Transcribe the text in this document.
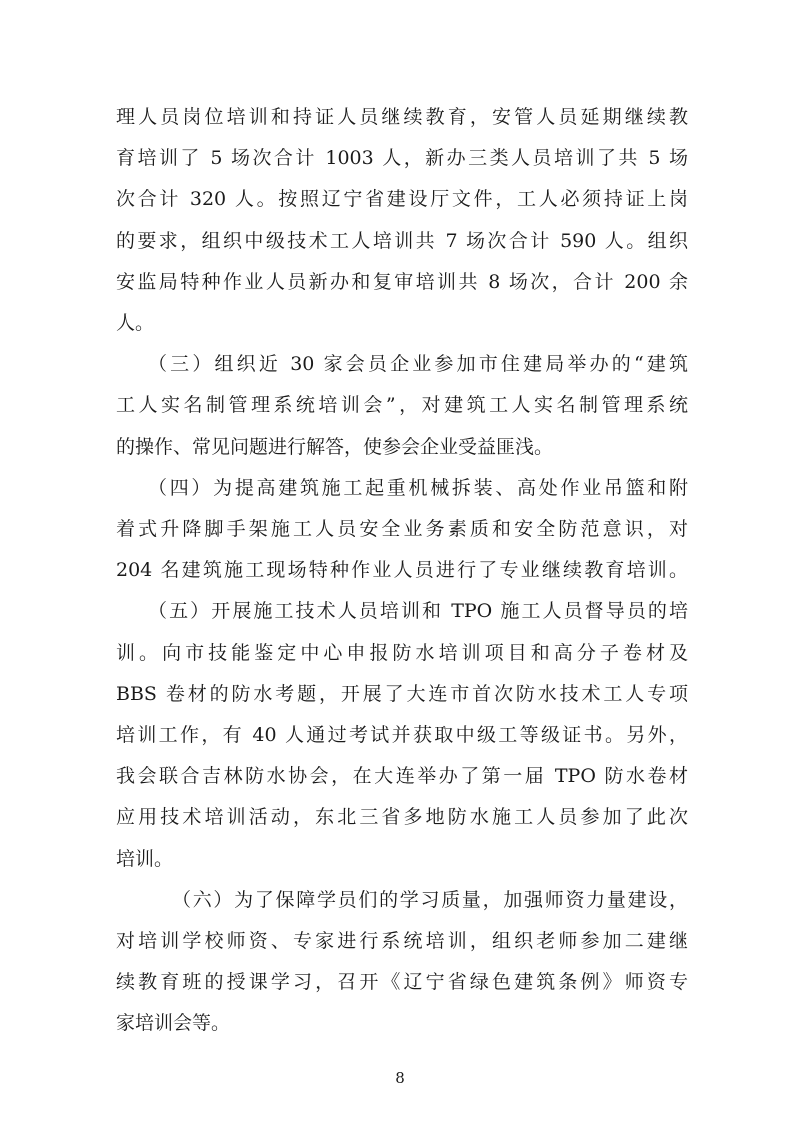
理人员岗位培训和持证人员继续教育，安管人员延期继续教

育培训了 5 场次合计 1003 人，新办三类人员培训了共 5 场

次合计 320 人。按照辽宁省建设厅文件，工人必须持证上岗

的要求，组织中级技术工人培训共 7 场次合计 590 人。组织

安监局特种作业人员新办和复审培训共 8 场次，合计 200 余

人。

（三）组织近 30 家会员企业参加市住建局举办的“建筑

工人实名制管理系统培训会”，对建筑工人实名制管理系统

的操作、常见问题进行解答，使参会企业受益匪浅。

（四）为提高建筑施工起重机械拆装、高处作业吊篮和附

着式升降脚手架施工人员安全业务素质和安全防范意识，对

204 名建筑施工现场特种作业人员进行了专业继续教育培训。

（五）开展施工技术人员培训和 TPO 施工人员督导员的培

训。向市技能鉴定中心申报防水培训项目和高分子卷材及

BBS 卷材的防水考题，开展了大连市首次防水技术工人专项

培训工作，有 40 人通过考试并获取中级工等级证书。另外，

我会联合吉林防水协会，在大连举办了第一届 TPO 防水卷材

应用技术培训活动，东北三省多地防水施工人员参加了此次

培训。

（六）为了保障学员们的学习质量，加强师资力量建设，

8

对培训学校师资、专家进行系统培训，组织老师参加二建继

续教育班的授课学习，召开《辽宁省绿色建筑条例》师资专

家培训会等。
